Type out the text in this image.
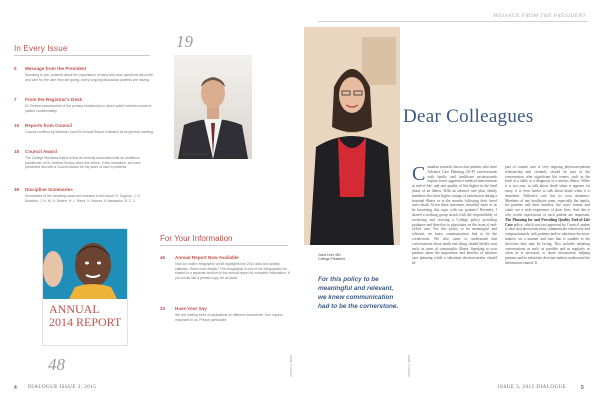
In Every Issue
5 Message from the President
Speaking to you, patients about the importance of early and clear questions about life and care for the care they are giving, every ongoing discussion patients are having.
7 From the Registrar's Desk
Dr. Revised assessment of the primary relationship in which public interest concerns patient confidentiality.
15 Reports from Council
Council confirms by Medical Council's Annual Report indicated as its general meeting.
18 Council Award
The College Manitoba Island is that its recently associated with an ambitious practitioner of Dr. Andrew Stodrip when the others. In the meantime, we have presented him with a Council Award for his years of care to patients.
49 Discipline Summaries
Summaries of the following cases are included in this issue: R. Gagnon, J. H. Manchur, J. H. M. H. Robert, H. L. Reed, V. Viscera, & Vassantko, B. C. J.
19
Dr. Andrew Stodrip
ANNUAL
2014 REPORT
48
For Your Information
46 Annual Report Now Available
Visit our online infographic which highlights key 2014 data and activity statistics. Want more details? The infographic is one of the infographics for shared in a separate section of this annual report for complete information. If you would like a printed copy, let us know.
33 Have Your Say
We are holding three consultations on different documents. Your input is important to us. Please participate.
PHOTO: A. SPINK
4 DIALOGUE ISSUE 3, 2015
MESSAGE FROM THE PRESIDENT
Carol Leet, MD
College President
Dear Colleagues
For this policy to be meaningful and relevant, we knew communication had to be the cornerstone.
PHOTO: A. SPINK
Canadian research shows that patients who have Advance Care Planning (ACP) conversations with family and healthcare professionals require fewer aggressive medical interventions at end-of-life, and rate quality of life higher in the final phase of an illness. With an advance care plan, family members also have higher ratings of satisfaction during a terminal illness or in the months following their loved one's death. Given these outcomes, shouldn't more of us be broaching this topic with our patients? Recently, I shared a working group struck with the responsibility of reviewing and revising a College policy providing guidance and direction to physicians on the issue of end-of-life care. For this policy to be meaningful and relevant, we knew communication had to be the cornerstone. We also came to understand that conversations about death and dying should ideally start early, in cases of catastrophic illness. Speaking to your patients about the importance and benefits of advance care planning while a substitute decision-maker should be
part of routine care is very ongoing physician-patient relationship and certainly should be part of the conversation after significant life events, such as the birth of a child, or a diagnosis of a serious illness. While it is not easy to talk about death when it appears far away, it is even harder to talk about death when it is imminent. Palliative care has its own dynamics. Members of any healthcare team, especially the family, for patients and their families, the exact format and value, are a wide experience of their lives. And this is why recent expressions of each patient are important. The Planning for and Providing Quality End-of-Life Care policy, which was just approved by Council, makes it clear that physicians must communicate effectively and compassionately with patients and/or substitute decision-makers, on a manner and tone that is suitable to the decisions they may be facing. This includes initiating conversations as early as possible and as regularly as often as is necessary to share information, helping patients and/or substitute decision-makers understand the information shared. It
ISSUE 3, 2015 DIALOGUE	5
